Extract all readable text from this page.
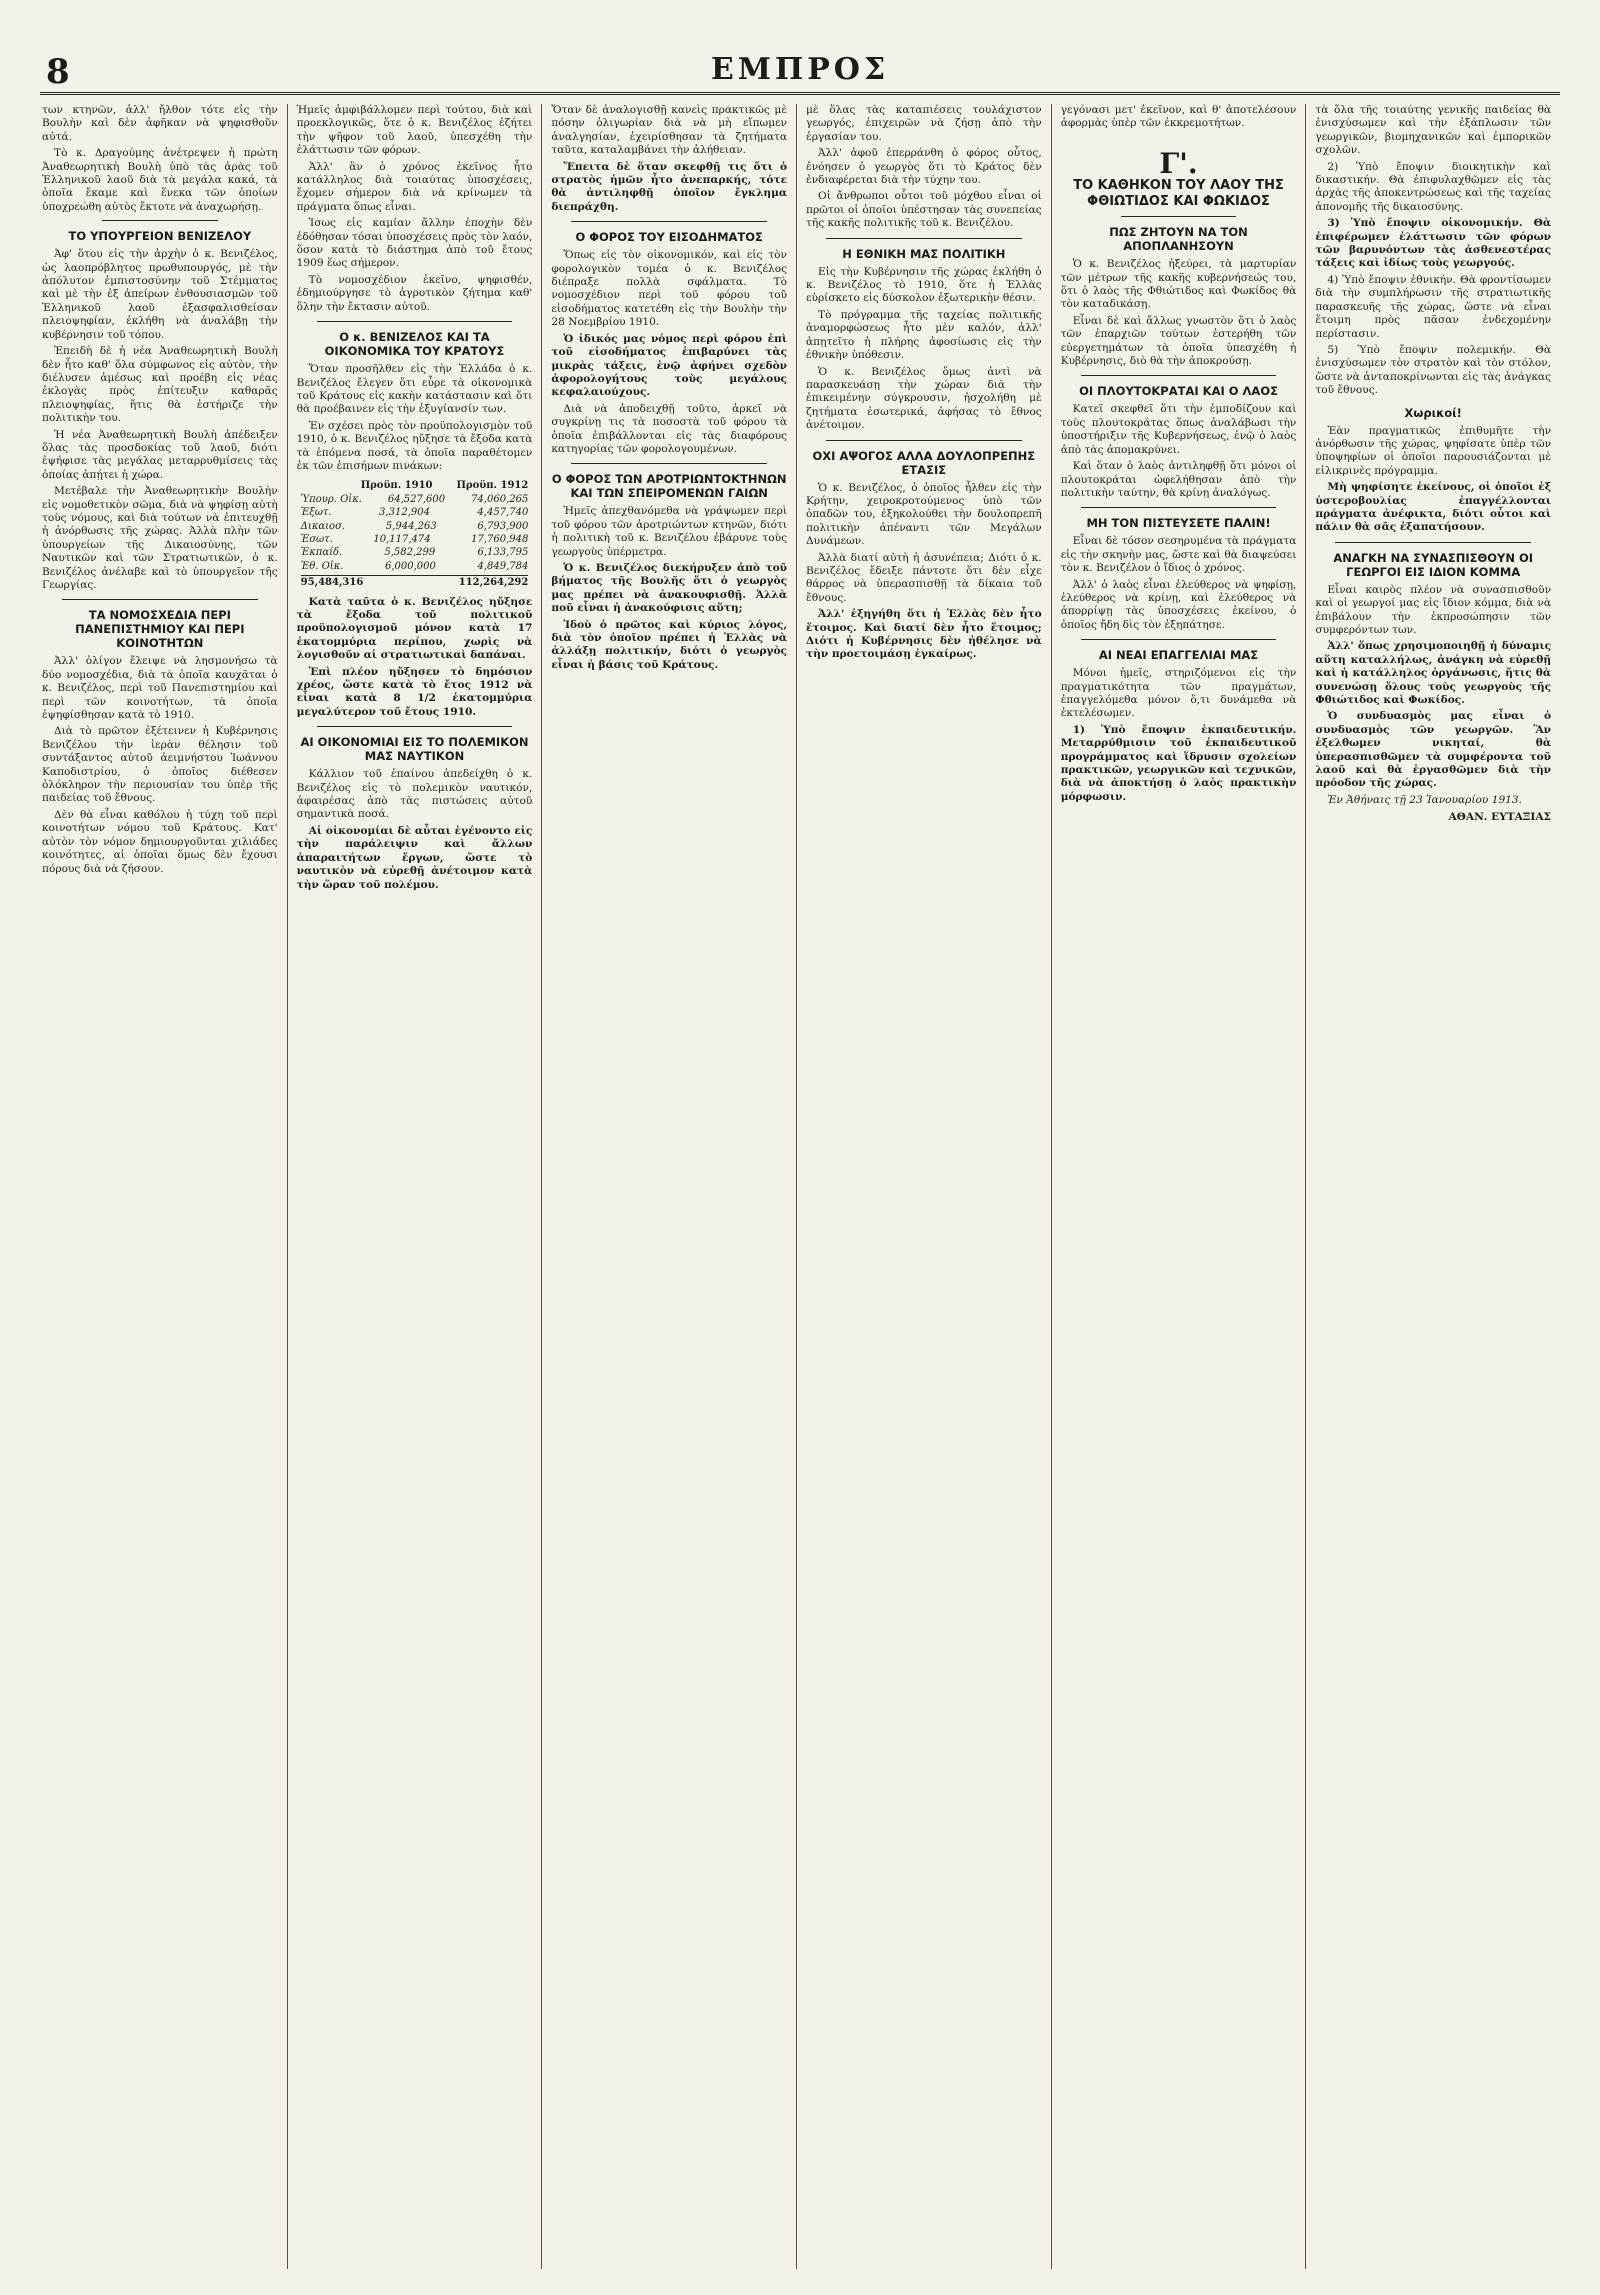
8	ΕΜΠΡΟΣ

των κτηνῶν, ἀλλ' ἤλθον τότε εἰς τὴν Βουλὴν καὶ δὲν ἀφῆκαν νὰ ψηφισθοῦν αὐτά.

Τὸ κ. Δραγούμης ἀνέτρεψεν ἡ πρώτη Ἀναθεωρητικὴ Βουλὴ ὑπὸ τὰς ἀρὰς τοῦ Ἑλληνικοῦ λαοῦ διὰ τὰ μεγάλα κακά, τὰ ὁποῖα ἔκαμε καὶ ἕνεκα τῶν ὁποίων ὑποχρεώθη αὐτὸς ἔκτοτε νὰ ἀναχωρήσῃ.

ΤΟ ΥΠΟΥΡΓΕΙΟΝ ΒΕΝΙΖΕΛΟΥ

Ἀφ' ὅτου εἰς τὴν ἀρχὴν ὁ κ. Βενιζέλος, ὡς λαοπρόβλητος πρωθυπουργός, μὲ τὴν ἀπόλυτον ἐμπιστοσύνην τοῦ Στέμματος καὶ μὲ τὴν ἐξ ἀπείρων ἐνθουσιασμῶν τοῦ Ἑλληνικοῦ λαοῦ ἐξασφαλισθείσαν πλειοψηφίαν, ἐκλήθη νὰ ἀναλάβῃ τὴν κυβέρνησιν τοῦ τόπου.

Ἐπειδὴ δὲ ἡ νέα Ἀναθεωρητικὴ Βουλὴ δὲν ἦτο καθ' ὅλα σύμφωνος εἰς αὐτὸν, τὴν διέλυσεν ἀμέσως καὶ προέβη εἰς νέας ἐκλογὰς πρὸς ἐπίτευξιν καθαρᾶς πλειοψηφίας, ἥτις θὰ ἐστήριζε τὴν πολιτικὴν του.

Ἡ νέα Ἀναθεωρητικὴ Βουλὴ ἀπέδειξεν ὅλας τὰς προσδοκίας τοῦ λαοῦ, διότι ἐψήφισε τὰς μεγάλας μεταρρυθμίσεις τὰς ὁποίας ἀπῄτει ἡ χώρα.

Μετέβαλε τὴν Ἀναθεωρητικὴν Βουλὴν εἰς νομοθετικὸν σῶμα, διὰ νὰ ψηφίσῃ αὐτὴ τοὺς νόμους, καὶ διὰ τούτων νὰ ἐπιτευχθῇ ἡ ἀνόρθωσις τῆς χώρας. Ἀλλὰ πλὴν τῶν ὑπουργείων τῆς Δικαιοσύνης, τῶν Ναυτικῶν καὶ τῶν Στρατιωτικῶν, ὁ κ. Βενιζέλος ἀνέλαβε καὶ τὸ ὑπουργεῖον τῆς Γεωργίας.

ΤΑ ΝΟΜΟΣΧΕΔΙΑ ΠΕΡΙ ΠΑΝΕΠΙΣΤΗΜΙΟΥ ΚΑΙ ΠΕΡΙ ΚΟΙΝΟΤΗΤΩΝ

Ἀλλ' ὀλίγον ἔλειψε νὰ λησμονήσω τὰ δύο νομοσχέδια, διὰ τὰ ὁποῖα καυχᾶται ὁ κ. Βενιζέλος, περὶ τοῦ Πανεπιστημίου καὶ περὶ τῶν κοινοτήτων, τὰ ὁποῖα ἐψηφίσθησαν κατὰ τὸ 1910.

Διὰ τὸ πρῶτον ἐξέτεινεν ἡ Κυβέρνησις Βενιζέλου τὴν ἱερὰν θέλησιν τοῦ συντάξαντος αὐτοῦ ἀειμνήστου Ἰωάννου Καποδιστρίου, ὁ ὁποῖος διέθεσεν ὁλόκληρον τὴν περιουσίαν του ὑπὲρ τῆς παιδείας τοῦ ἔθνους.

Δὲν θὰ εἶναι καθόλου ἡ τύχη τοῦ περὶ κοινοτήτων νόμου τοῦ Κράτους. Κατ' αὐτὸν τὸν νόμον δημιουργοῦνται χιλιάδες κοινότητες, αἱ ὁποῖαι ὅμως δὲν ἔχουσι πόρους διὰ νὰ ζήσουν.

Ἡμεῖς ἀμφιβάλλομεν περὶ τούτου, διὰ καὶ προεκλογικῶς, ὅτε ὁ κ. Βενιζέλος ἐζήτει τὴν ψῆφον τοῦ λαοῦ, ὑπεσχέθη τὴν ἐλάττωσιν τῶν φόρων.

Ἀλλ' ἂν ὁ χρόνος ἐκεῖνος ἦτο κατάλληλος διὰ τοιαύτας ὑποσχέσεις, ἔχομεν σήμερον διὰ νὰ κρίνωμεν τὰ πράγματα ὅπως εἶναι.

Ἰσως εἰς καμίαν ἄλλην ἐποχὴν δὲν ἐδόθησαν τόσαι ὑποσχέσεις πρὸς τὸν λαόν, ὅσον κατὰ τὸ διάστημα ἀπὸ τοῦ ἔτους 1909 ἕως σήμερον.

Τὸ νομοσχέδιον ἐκεῖνο, ψηφισθέν, ἐδημιούργησε τὸ ἀγροτικὸν ζήτημα καθ' ὅλην τὴν ἔκτασιν αὐτοῦ.

Ο κ. ΒΕΝΙΖΕΛΟΣ ΚΑΙ ΤΑ ΟΙΚΟΝΟΜΙΚΑ ΤΟΥ ΚΡΑΤΟΥΣ

Ὅταν προσῆλθεν εἰς τὴν Ἑλλάδα ὁ κ. Βενιζέλος ἔλεγεν ὅτι εὗρε τὰ οἰκονομικὰ τοῦ Κράτους εἰς κακὴν κατάστασιν καὶ ὅτι θὰ προέβαινεν εἰς τὴν ἐξυγίανσίν των.

Ἐν σχέσει πρὸς τὸν προϋπολογισμὸν τοῦ 1910, ὁ κ. Βενιζέλος ηὔξησε τὰ ἔξοδα κατὰ τὰ ἑπόμενα ποσά, τὰ ὁποῖα παραθέτομεν ἐκ τῶν ἐπισήμων πινάκων:

Προϋπ. 1910 Προϋπ. 1912
Ὑπουρ. Οἰκ.	64,527,600	74,060,265
Ἐξωτ.	3,312,904	4,457,740
Δικαιοσ.	5,944,263	6,793,900
Ἐσωτ.	10,117,474	17,760,948
Ἐκπαίδ.	5,582,299	6,133,795
Ἐθ. Οἰκ.	6,000,000	4,849,784
95,484,316	112,264,292

Κατὰ ταῦτα ὁ κ. Βενιζέλος ηὔξησε τὰ ἔξοδα τοῦ πολιτικοῦ προϋπολογισμοῦ μόνον κατὰ 17 ἑκατομμύρια περίπου, χωρὶς νὰ λογισθοῦν αἱ στρατιωτικαὶ δαπάναι.

Ἐπὶ πλέον ηὔξησεν τὸ δημόσιον χρέος, ὥστε κατὰ τὸ ἔτος 1912 νὰ εἶναι κατὰ 8 1/2 ἑκατομμύρια μεγαλύτερον τοῦ ἔτους 1910.

ΑΙ ΟΙΚΟΝΟΜΙΑΙ ΕΙΣ ΤΟ ΠΟΛΕΜΙΚΟΝ ΜΑΣ ΝΑΥΤΙΚΟΝ

Κάλλιον τοῦ ἐπαίνου ἀπεδείχθη ὁ κ. Βενιζέλος εἰς τὸ πολεμικὸν ναυτικόν, ἀφαιρέσας ἀπὸ τὰς πιστώσεις αὐτοῦ σημαντικὰ ποσά.

Αἱ οἰκονομίαι δὲ αὗται ἐγένοντο εἰς τὴν παράλειψιν καὶ ἄλλων ἀπαραιτήτων ἔργων, ὥστε τὸ ναυτικὸν νὰ εὑρεθῇ ἀνέτοιμον κατὰ τὴν ὥραν τοῦ πολέμου.

Ὅταν δὲ ἀναλογισθῇ κανεὶς πρακτικῶς μὲ πόσην ὀλιγωρίαν διὰ νὰ μὴ εἴπωμεν ἀναλγησίαν, ἐχειρίσθησαν τὰ ζητήματα ταῦτα, καταλαμβάνει τὴν ἀλήθειαν.

Ἔπειτα δὲ ὅταν σκεφθῇ τις ὅτι ὁ στρατὸς ἡμῶν ἦτο ἀνεπαρκής, τότε θὰ ἀντιληφθῇ ὁποῖον ἔγκλημα διεπράχθη.

Ο ΦΟΡΟΣ ΤΟΥ ΕΙΣΟΔΗΜΑΤΟΣ

Ὅπως εἰς τὸν οἰκονομικόν, καὶ εἰς τὸν φορολογικὸν τομέα ὁ κ. Βενιζέλος διέπραξε πολλὰ σφάλματα. Τὸ νομοσχέδιον περὶ τοῦ φόρου τοῦ εἰσοδήματος κατετέθη εἰς τὴν Βουλὴν τὴν 28 Νοεμβρίου 1910.

Ὁ ἰδικός μας νόμος περὶ φόρου ἐπὶ τοῦ εἰσοδήματος ἐπιβαρύνει τὰς μικρὰς τάξεις, ἐνῷ ἀφήνει σχεδὸν ἀφορολογήτους τοὺς μεγάλους κεφαλαιούχους.

Διὰ νὰ ἀποδειχθῇ τοῦτο, ἀρκεῖ νὰ συγκρίνῃ τις τὰ ποσοστὰ τοῦ φόρου τὰ ὁποῖα ἐπιβάλλονται εἰς τὰς διαφόρους κατηγορίας τῶν φορολογουμένων.

Ο ΦΟΡΟΣ ΤΩΝ ΑΡΟΤΡΙΩΝΤΟΚΤΗΝΩΝ ΚΑΙ ΤΩΝ ΣΠΕΙΡΟΜΕΝΩΝ ΓΑΙΩΝ

Ἡμεῖς ἀπεχθανόμεθα νὰ γράψωμεν περὶ τοῦ φόρου τῶν ἀροτριώντων κτηνῶν, διότι ἡ πολιτικὴ τοῦ κ. Βενιζέλου ἐβάρυνε τοὺς γεωργοὺς ὑπέρμετρα.

Ὁ κ. Βενιζέλος διεκήρυξεν ἀπὸ τοῦ βήματος τῆς Βουλῆς ὅτι ὁ γεωργὸς μας πρέπει νὰ ἀνακουφισθῇ. Ἀλλὰ ποῦ εἶναι ἡ ἀνακούφισις αὕτη;

Ἰδοὺ ὁ πρῶτος καὶ κύριος λόγος, διὰ τὸν ὁποῖον πρέπει ἡ Ἑλλὰς νὰ ἀλλάξῃ πολιτικήν, διότι ὁ γεωργὸς εἶναι ἡ βάσις τοῦ Κράτους.

μὲ ὅλας τὰς καταπιέσεις τουλάχιστον γεωργός, ἐπιχειρῶν νὰ ζήσῃ ἀπὸ τὴν ἐργασίαν του.

Ἀλλ' ἀφοῦ ἐπερράνθη ὁ φόρος οὗτος, ἐνόησεν ὁ γεωργὸς ὅτι τὸ Κράτος δὲν ἐνδιαφέρεται διὰ τὴν τύχην του.

Οἱ ἄνθρωποι οὗτοι τοῦ μόχθου εἶναι οἱ πρῶτοι οἱ ὁποῖοι ὑπέστησαν τὰς συνεπείας τῆς κακῆς πολιτικῆς τοῦ κ. Βενιζέλου.

Η ΕΘΝΙΚΗ ΜΑΣ ΠΟΛΙΤΙΚΗ

Εἰς τὴν Κυβέρνησιν τῆς χώρας ἐκλήθη ὁ κ. Βενιζέλος τὸ 1910, ὅτε ἡ Ἑλλὰς εὑρίσκετο εἰς δύσκολον ἐξωτερικὴν θέσιν.

Τὸ πρόγραμμα τῆς ταχείας πολιτικῆς ἀναμορφώσεως ἦτο μὲν καλόν, ἀλλ' ἀπῃτεῖτο ἡ πλήρης ἀφοσίωσις εἰς τὴν ἐθνικὴν ὑπόθεσιν.

Ὁ κ. Βενιζέλος ὅμως ἀντὶ νὰ παρασκευάσῃ τὴν χώραν διὰ τὴν ἐπικειμένην σύγκρουσιν, ἠσχολήθη μὲ ζητήματα ἐσωτερικά, ἀφήσας τὸ ἔθνος ἀνέτοιμον.

ΟΧΙ ΑΨΟΓΟΣ ΑΛΛΑ ΔΟΥΛΟΠΡΕΠΗΣ ΕΤΑΣΙΣ

Ὁ κ. Βενιζέλος, ὁ ὁποῖος ἦλθεν εἰς τὴν Κρήτην, χειροκροτούμενος ὑπὸ τῶν ὀπαδῶν του, ἐξηκολούθει τὴν δουλοπρεπῆ πολιτικὴν ἀπέναντι τῶν Μεγάλων Δυνάμεων.

Ἀλλὰ διατί αὐτὴ ἡ ἀσυνέπεια; Διότι ὁ κ. Βενιζέλος ἔδειξε πάντοτε ὅτι δὲν εἶχε θάρρος νὰ ὑπερασπισθῇ τὰ δίκαια τοῦ ἔθνους.

Ἀλλ' ἐξηγήθη ὅτι ἡ Ἑλλὰς δὲν ἦτο ἕτοιμος. Καὶ διατί δὲν ἦτο ἕτοιμος; Διότι ἡ Κυβέρνησις δὲν ἠθέλησε νὰ τὴν προετοιμάσῃ ἐγκαίρως.

γεγόνασι μετ' ἐκεῖνον, καὶ θ' ἀποτελέσουν ἀφορμὰς ὑπὲρ τῶν ἐκκρεμοτήτων.

Γ'.
ΤΟ ΚΑΘΗΚΟΝ ΤΟΥ ΛΑΟΥ ΤΗΣ ΦΘΙΩΤΙΔΟΣ ΚΑΙ ΦΩΚΙΔΟΣ
ΠΩΣ ΖΗΤΟΥΝ ΝΑ ΤΟΝ ΑΠΟΠΛΑΝΗΣΟΥΝ

Ὁ κ. Βενιζέλος ἠξεύρει, τὰ μαρτυρίαν τῶν μέτρων τῆς κακῆς κυβερνήσεώς του, ὅτι ὁ λαὸς τῆς Φθιώτιδος καὶ Φωκίδος θὰ τὸν καταδικάσῃ.

Εἶναι δὲ καὶ ἄλλως γνωστὸν ὅτι ὁ λαὸς τῶν ἐπαρχιῶν τούτων ἐστερήθη τῶν εὐεργετημάτων τὰ ὁποῖα ὑπεσχέθη ἡ Κυβέρνησις, διὸ θὰ τὴν ἀποκρούσῃ.

ΟΙ ΠΛΟΥΤΟΚΡΑΤΑΙ ΚΑΙ Ο ΛΑΟΣ

Κατεῖ σκεφθεῖ ὅτι τὴν ἐμποδίζουν καὶ τοὺς πλουτοκράτας ὅπως ἀναλάβωσι τὴν ὑποστήριξιν τῆς Κυβερνήσεως, ἐνῷ ὁ λαὸς ἀπὸ τὰς ἀπομακρύνει.

Καὶ ὅταν ὁ λαὸς ἀντιληφθῇ ὅτι μόνοι οἱ πλουτοκράται ὠφελήθησαν ἀπὸ τὴν πολιτικὴν ταύτην, θὰ κρίνῃ ἀναλόγως.

ΜΗ ΤΟΝ ΠΙΣΤΕΥΣΕΤΕ ΠΑΛΙΝ!

Εἶναι δὲ τόσον σεσηρυμένα τὰ πράγματα εἰς τὴν σκηνὴν μας, ὥστε καὶ θὰ διαψεύσει τὸν κ. Βενιζέλον ὁ ἴδιος ὁ χρόνος.

Ἀλλ' ὁ λαὸς εἶναι ἐλεύθερος νὰ ψηφίσῃ, ἐλεύθερος νὰ κρίνῃ, καὶ ἐλεύθερος νὰ ἀπορρίψῃ τὰς ὑποσχέσεις ἐκείνου, ὁ ὁποῖος ἤδη δὶς τὸν ἐξηπάτησε.

ΑΙ ΝΕΑΙ ΕΠΑΓΓΕΛΙΑΙ ΜΑΣ

Μόνοι ἡμεῖς, στηριζόμενοι εἰς τὴν πραγματικότητα τῶν πραγμάτων, ἐπαγγελόμεθα μόνον ὅ,τι δυνάμεθα νὰ ἐκτελέσωμεν.

1) Ὑπὸ ἔποψιν ἐκπαιδευτικήν. Μεταρρύθμισιν τοῦ ἐκπαιδευτικοῦ προγράμματος καὶ ἵδρυσιν σχολείων πρακτικῶν, γεωργικῶν καὶ τεχνικῶν, διὰ νὰ ἀποκτήσῃ ὁ λαὸς πρακτικὴν μόρφωσιν.

τὰ ὅλα τῆς τοιαύτης γενικῆς παιδείας θὰ ἐνισχύσωμεν καὶ τὴν ἐξάπλωσιν τῶν γεωργικῶν, βιομηχανικῶν καὶ ἐμπορικῶν σχολῶν.

2) Ὑπὸ ἔποψιν διοικητικὴν καὶ δικαστικήν. Θὰ ἐπιφυλαχθῶμεν εἰς τὰς ἀρχὰς τῆς ἀποκεντρώσεως καὶ τῆς ταχείας ἀπονομῆς τῆς δικαιοσύνης.

3) Ὑπὸ ἔποψιν οἰκονομικήν. Θὰ ἐπιφέρωμεν ἐλάττωσιν τῶν φόρων τῶν βαρυνόντων τὰς ἀσθενεστέρας τάξεις καὶ ἰδίως τοὺς γεωργούς.

4) Ὑπὸ ἔποψιν ἐθνικήν. Θὰ φροντίσωμεν διὰ τὴν συμπλήρωσιν τῆς στρατιωτικῆς παρασκευῆς τῆς χώρας, ὥστε νὰ εἶναι ἕτοιμη πρὸς πᾶσαν ἐνδεχομένην περίστασιν.

5) Ὑπὸ ἔποψιν πολεμικήν. Θὰ ἐνισχύσωμεν τὸν στρατὸν καὶ τὸν στόλον, ὥστε νὰ ἀνταποκρίνωνται εἰς τὰς ἀνάγκας τοῦ ἔθνους.

Χωρικοί!

Ἐὰν πραγματικῶς ἐπιθυμῆτε τὴν ἀνόρθωσιν τῆς χώρας, ψηφίσατε ὑπὲρ τῶν ὑποψηφίων οἱ ὁποῖοι παρουσιάζονται μὲ εἰλικρινὲς πρόγραμμα.

Μὴ ψηφίσητε ἐκείνους, οἱ ὁποῖοι ἐξ ὑστεροβουλίας ἐπαγγέλλονται πράγματα ἀνέφικτα, διότι οὗτοι καὶ πάλιν θὰ σᾶς ἐξαπατήσουν.

ΑΝΑΓΚΗ ΝΑ ΣΥΝΑΣΠΙΣΘΟΥΝ ΟΙ ΓΕΩΡΓΟΙ ΕΙΣ ΙΔΙΟΝ ΚΟΜΜΑ

Εἶναι καιρὸς πλέον νὰ συνασπισθοῦν καὶ οἱ γεωργοί μας εἰς ἴδιον κόμμα, διὰ νὰ ἐπιβάλουν τὴν ἐκπροσώπησιν τῶν συμφερόντων των.

Ἀλλ' ὅπως χρησιμοποιηθῇ ἡ δύναμις αὕτη καταλλήλως, ἀνάγκη νὰ εὑρεθῇ καὶ ἡ κατάλληλος ὀργάνωσις, ἥτις θὰ συνενώσῃ ὅλους τοὺς γεωργοὺς τῆς Φθιώτιδος καὶ Φωκίδος.

Ὁ συνδυασμὸς μας εἶναι ὁ συνδυασμὸς τῶν γεωργῶν. Ἂν ἐξελθωμεν νικηταί, θὰ ὑπερασπισθῶμεν τὰ συμφέροντα τοῦ λαοῦ καὶ θὰ ἐργασθῶμεν διὰ τὴν πρόοδον τῆς χώρας.

Ἐν Ἀθήναις τῇ 23 Ἰανουαρίου 1913.

ΑΘΑΝ. ΕΥΤΑΞΙΑΣ
